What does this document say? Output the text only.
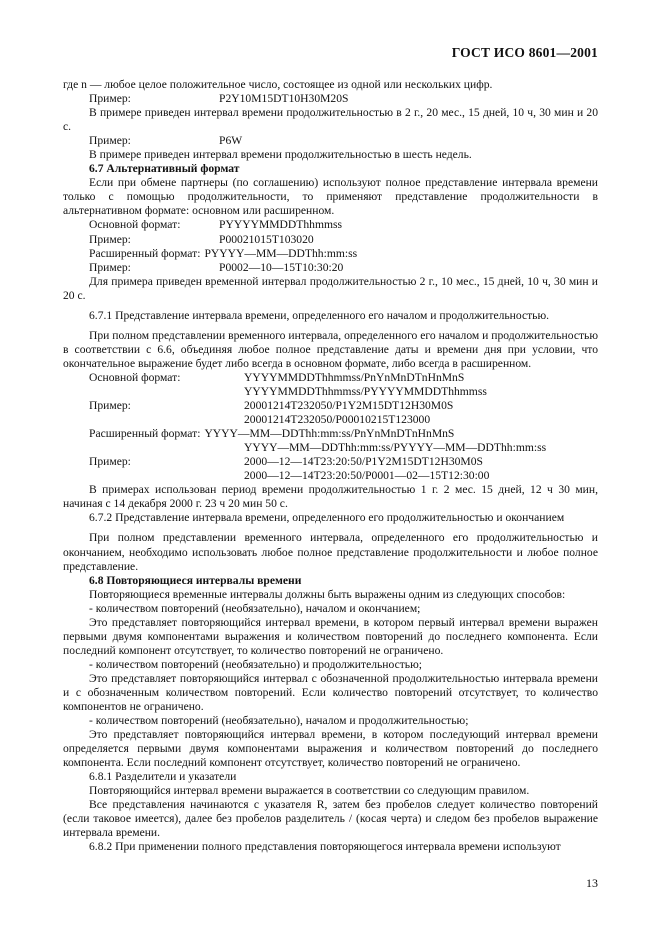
ГОСТ ИСО 8601—2001

где n — любое целое положительное число, состоящее из одной или нескольких цифр.

Пример:	P2Y10M15DT10H30M20S

В примере приведен интервал времени продолжительностью в 2 г., 20 мес., 15 дней, 10 ч, 30 мин и 20 с.

Пример:	P6W

В примере приведен интервал времени продолжительностью в шесть недель.

6.7 Альтернативный формат

Если при обмене партнеры (по соглашению) используют полное представление интервала времени только с помощью продолжительности, то применяют представление продолжительности в альтернативном формате: основном или расширенном.

Основной формат:	PYYYYMMDDThhmmss
Пример:	P00021015T103020
Расширенный формат: PYYYY—MM—DDThh:mm:ss
Пример:	P0002—10—15T10:30:20

Для примера приведен временной интервал продолжительностью 2 г., 10 мес., 15 дней, 10 ч, 30 мин и 20 с.

6.7.1 Представление интервала времени, определенного его началом и продолжительностью.

При полном представлении временного интервала, определенного его началом и продолжительностью в соответствии с 6.6, объединяя любое полное представление даты и времени дня при условии, что окончательное выражение будет либо всегда в основном формате, либо всегда в расширенном.

Основной формат:	YYYYMMDDThhmmss/PnYnMnDTnHnMnS
YYYYMMDDThhmmss/PYYYYMMDDThhmmss
Пример:	20001214T232050/P1Y2M15DT12H30M0S
20001214T232050/P00010215T123000
Расширенный формат: YYYY—MM—DDThh:mm:ss/PnYnMnDTnHnMnS
YYYY—MM—DDThh:mm:ss/PYYYY—MM—DDThh:mm:ss
Пример:	2000—12—14T23:20:50/P1Y2M15DT12H30M0S
2000—12—14T23:20:50/P0001—02—15T12:30:00

В примерах использован период времени продолжительностью 1 г. 2 мес. 15 дней, 12 ч 30 мин, начиная с 14 декабря 2000 г. 23 ч 20 мин 50 с.

6.7.2 Представление интервала времени, определенного его продолжительностью и окончанием

При полном представлении временного интервала, определенного его продолжительностью и окончанием, необходимо использовать любое полное представление продолжительности и любое полное представление.

6.8 Повторяющиеся интервалы времени

Повторяющиеся временные интервалы должны быть выражены одним из следующих способов:

- количеством повторений (необязательно), началом и окончанием;

Это представляет повторяющийся интервал времени, в котором первый интервал времени выражен первыми двумя компонентами выражения и количеством повторений до последнего компонента. Если последний компонент отсутствует, то количество повторений не ограничено.

- количеством повторений (необязательно) и продолжительностью;

Это представляет повторяющийся интервал с обозначенной продолжительностью интервала времени и с обозначенным количеством повторений. Если количество повторений отсутствует, то количество компонентов не ограничено.

- количеством повторений (необязательно), началом и продолжительностью;

Это представляет повторяющийся интервал времени, в котором последующий интервал времени определяется первыми двумя компонентами выражения и количеством повторений до последнего компонента. Если последний компонент отсутствует, количество повторений не ограничено.

6.8.1 Разделители и указатели

Повторяющийся интервал времени выражается в соответствии со следующим правилом.

Все представления начинаются с указателя R, затем без пробелов следует количество повторений (если таковое имеется), далее без пробелов разделитель / (косая черта) и следом без пробелов выражение интервала времени.

6.8.2 При применении полного представления повторяющегося интервала времени используют

13
